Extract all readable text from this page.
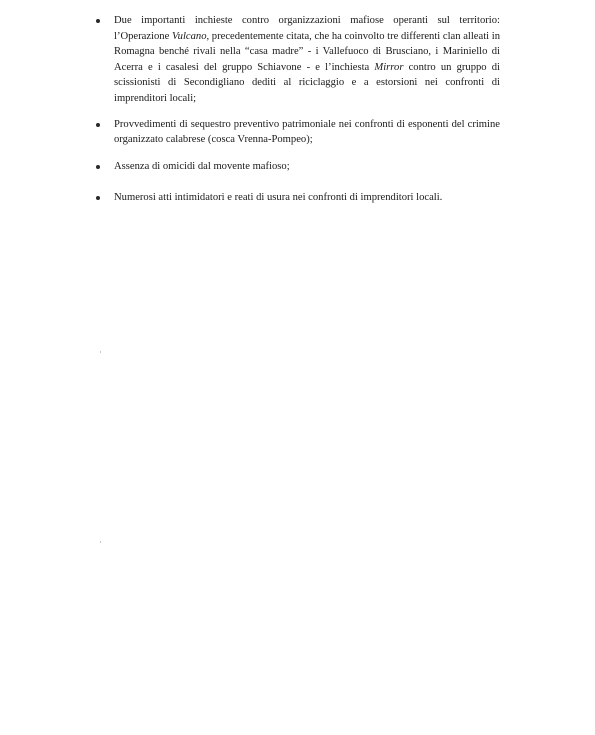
Due importanti inchieste contro organizzazioni mafiose operanti sul territorio: l’Operazione Vulcano, precedentemente citata, che ha coinvolto tre differenti clan alleati in Romagna benché rivali nella “casa madre” - i Vallefuoco di Brusciano, i Mariniello di Acerra e i casalesi del gruppo Schiavone - e l’inchiesta Mirror contro un gruppo di scissionisti di Secondigliano dediti al riciclaggio e a estorsioni nei confronti di imprenditori locali;
Provvedimenti di sequestro preventivo patrimoniale nei confronti di esponenti del crimine organizzato calabrese (cosca Vrenna-Pompeo);
Assenza di omicidi dal movente mafioso;
Numerosi atti intimidatori e reati di usura nei confronti di imprenditori locali.
